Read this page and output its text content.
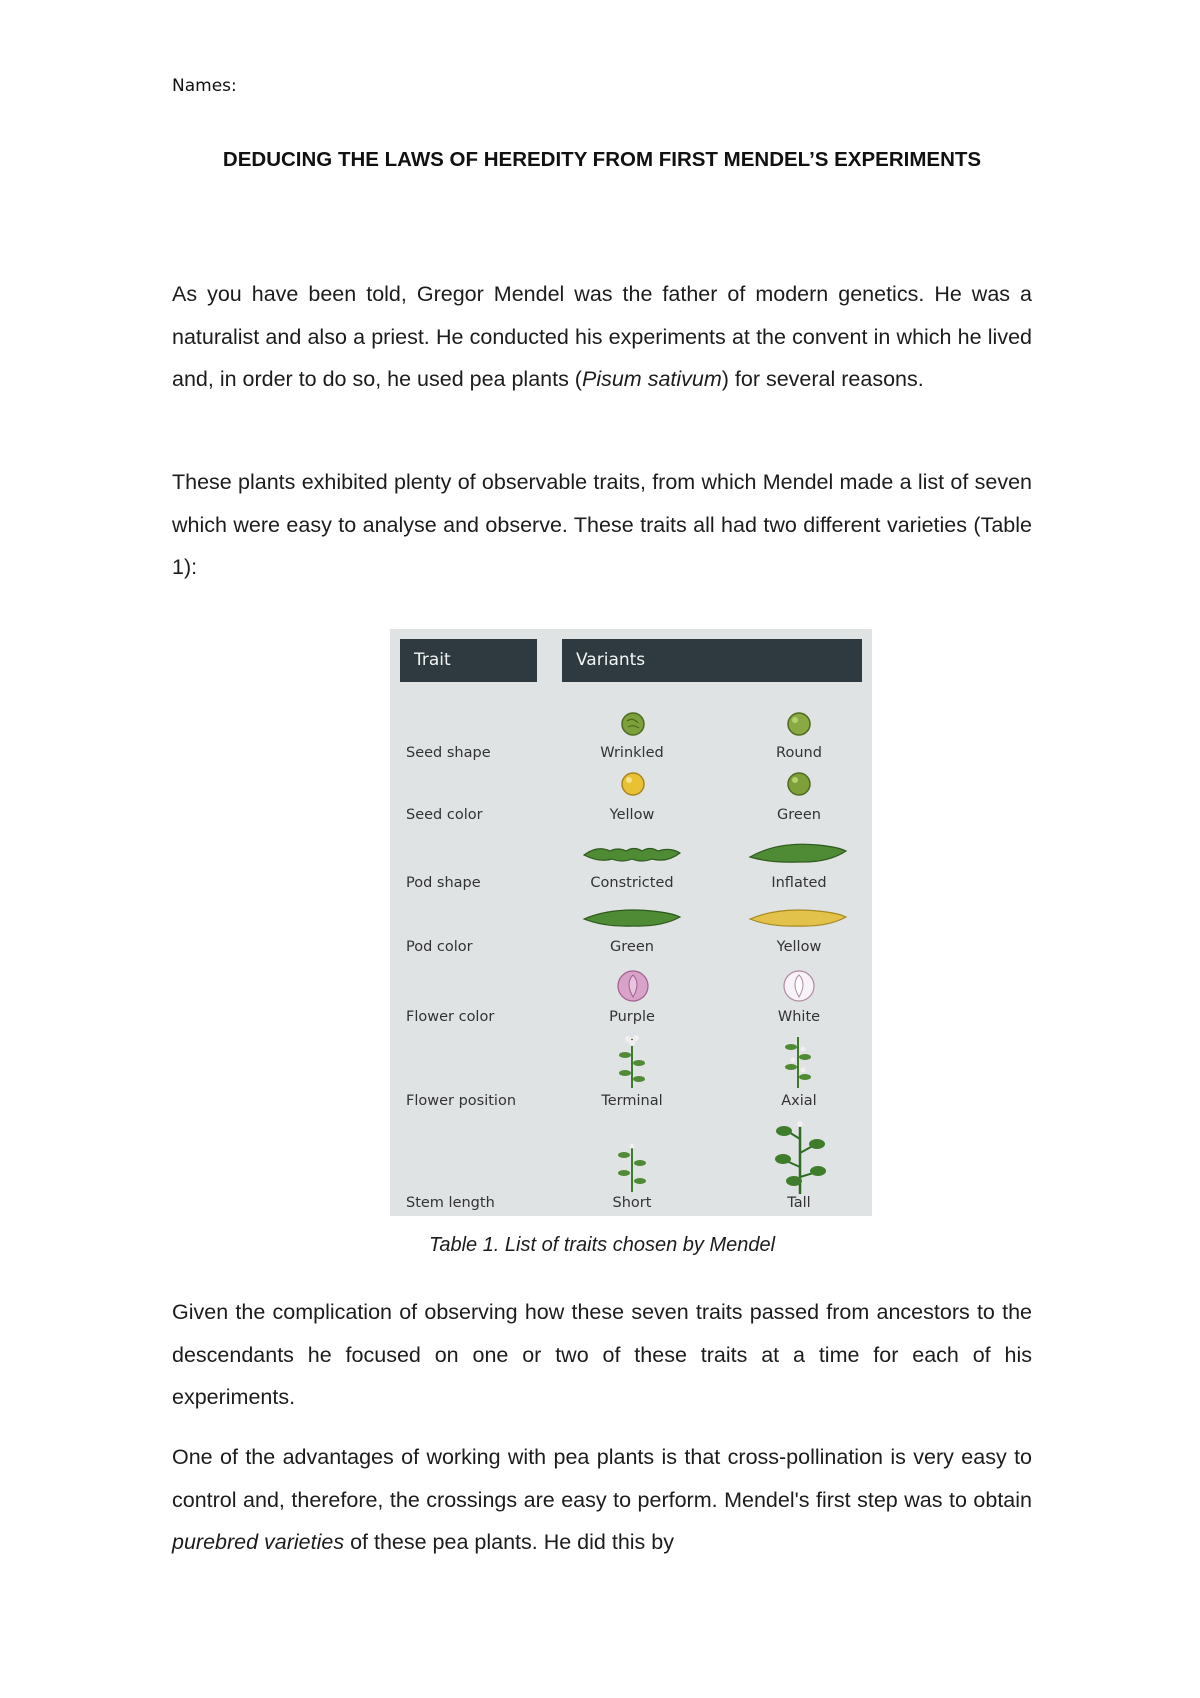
Names:
DEDUCING THE LAWS OF HEREDITY FROM FIRST MENDEL’S EXPERIMENTS

As you have been told, Gregor Mendel was the father of modern genetics. He was a naturalist and also a priest. He conducted his experiments at the convent in which he lived and, in order to do so, he used pea plants (Pisum sativum) for several reasons.

These plants exhibited plenty of observable traits, from which Mendel made a list of seven which were easy to analyse and observe. These traits all had two different varieties (Table 1):

Trait	Variants
Seed shape	Wrinkled	Round
Seed color	Yellow	Green
Pod shape	Constricted	Inflated
Pod color	Green	Yellow
Flower color	Purple	White
Flower position	Terminal	Axial
Stem length	Short	Tall
Table 1. List of traits chosen by Mendel

Given the complication of observing how these seven traits passed from ancestors to the descendants he focused on one or two of these traits at a time for each of his experiments.

One of the advantages of working with pea plants is that cross-pollination is very easy to control and, therefore, the crossings are easy to perform. Mendel's first step was to obtain purebred varieties of these pea plants. He did this by
